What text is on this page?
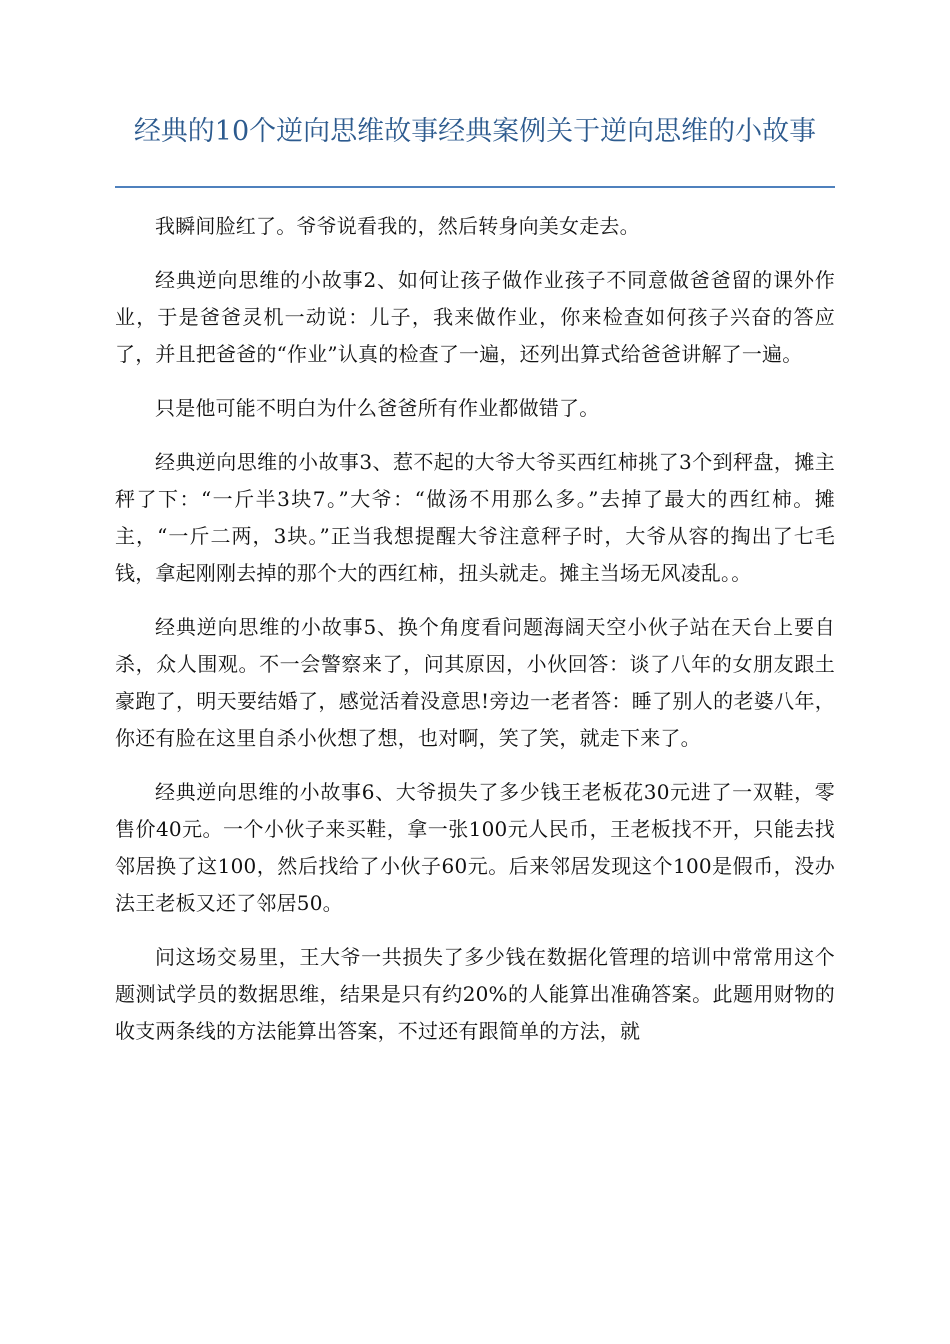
经典的10个逆向思维故事经典案例关于逆向思维的小故事

我瞬间脸红了。爷爷说看我的，然后转身向美女走去。

经典逆向思维的小故事2、如何让孩子做作业孩子不同意做爸爸留的课外作业，于是爸爸灵机一动说：儿子，我来做作业，你来检查如何孩子兴奋的答应了，并且把爸爸的“作业”认真的检查了一遍，还列出算式给爸爸讲解了一遍。

只是他可能不明白为什么爸爸所有作业都做错了。

经典逆向思维的小故事3、惹不起的大爷大爷买西红柿挑了3个到秤盘，摊主秤了下：“一斤半3块7。”大爷：“做汤不用那么多。”去掉了最大的西红柿。摊主，“一斤二两，3块。”正当我想提醒大爷注意秤子时，大爷从容的掏出了七毛钱，拿起刚刚去掉的那个大的西红柿，扭头就走。摊主当场无风凌乱。。

经典逆向思维的小故事5、换个角度看问题海阔天空小伙子站在天台上要自杀，众人围观。不一会警察来了，问其原因，小伙回答：谈了八年的女朋友跟土豪跑了，明天要结婚了，感觉活着没意思!旁边一老者答：睡了别人的老婆八年，你还有脸在这里自杀小伙想了想，也对啊，笑了笑，就走下来了。

经典逆向思维的小故事6、大爷损失了多少钱王老板花30元进了一双鞋，零售价40元。一个小伙子来买鞋，拿一张100元人民币，王老板找不开，只能去找邻居换了这100，然后找给了小伙子60元。后来邻居发现这个100是假币，没办法王老板又还了邻居50。

问这场交易里，王大爷一共损失了多少钱在数据化管理的培训中常常用这个题测试学员的数据思维，结果是只有约20%的人能算出准确答案。此题用财物的收支两条线的方法能算出答案，不过还有跟简单的方法，就
